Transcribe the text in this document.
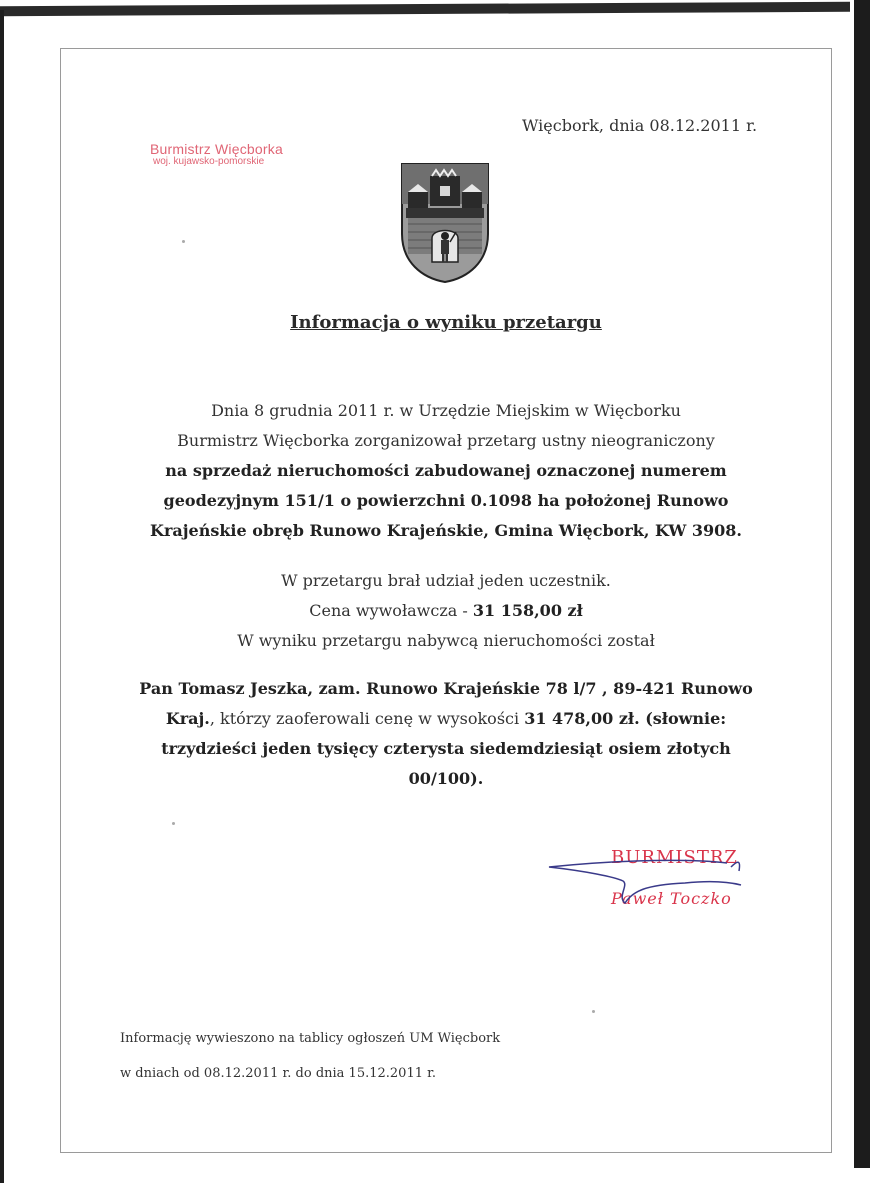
Więcbork, dnia 08.12.2011 r.
Burmistrz Więcborka
woj. kujawsko-pomorskie
Informacja o wyniku przetargu
Dnia 8 grudnia 2011 r. w Urzędzie Miejskim w Więcborku
Burmistrz Więcborka zorganizował przetarg ustny nieograniczony
na sprzedaż nieruchomości zabudowanej oznaczonej numerem
geodezyjnym 151/1 o powierzchni 0.1098 ha położonej Runowo
Krajeńskie obręb Runowo Krajeńskie, Gmina Więcbork, KW 3908.
W przetargu brał udział jeden uczestnik.
Cena wywoławcza - 31 158,00 zł
W wyniku przetargu nabywcą nieruchomości został
Pan Tomasz Jeszka, zam. Runowo Krajeńskie 78 l/7 , 89-421 Runowo
Kraj., którzy zaoferowali cenę w wysokości 31 478,00 zł. (słownie:
trzydzieści jeden tysięcy czterysta siedemdziesiąt osiem złotych
00/100).
BURMISTRZ
Paweł Toczko
Informację wywieszono na tablicy ogłoszeń UM Więcbork
w dniach od 08.12.2011 r. do dnia 15.12.2011 r.
